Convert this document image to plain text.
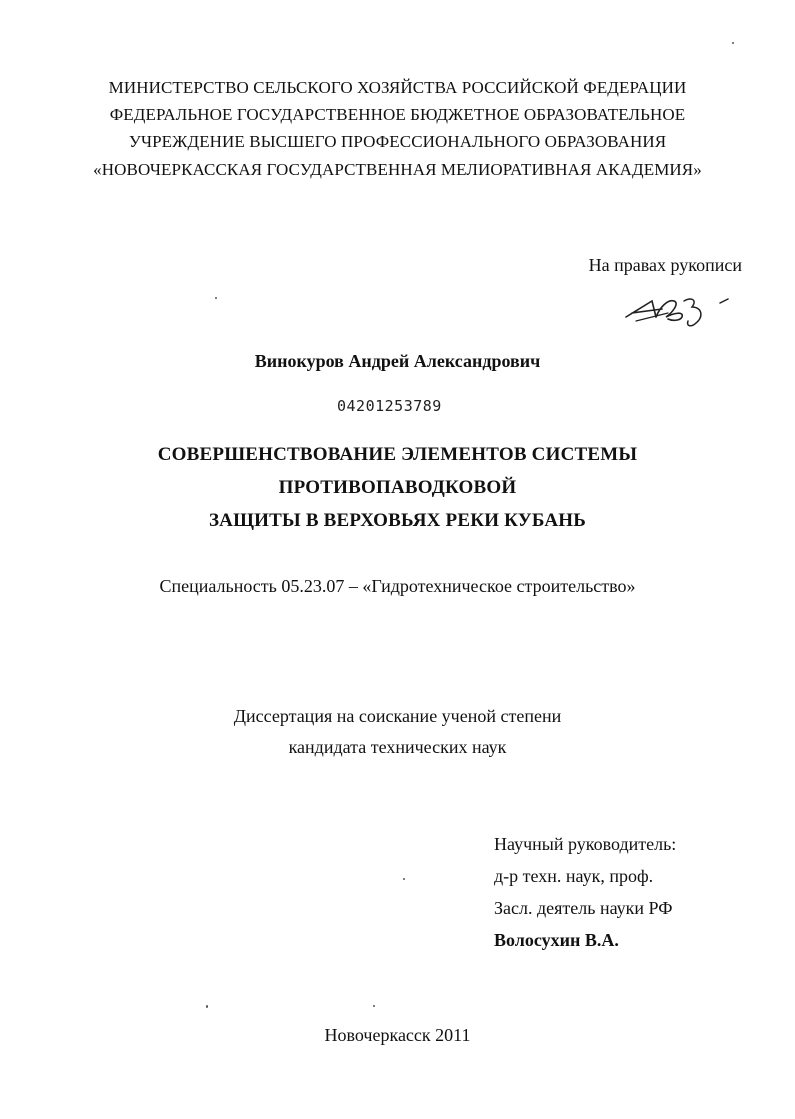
МИНИСТЕРСТВО СЕЛЬСКОГО ХОЗЯЙСТВА РОССИЙСКОЙ ФЕДЕРАЦИИ
ФЕДЕРАЛЬНОЕ ГОСУДАРСТВЕННОЕ БЮДЖЕТНОЕ ОБРАЗОВАТЕЛЬНОЕ
УЧРЕЖДЕНИЕ ВЫСШЕГО ПРОФЕССИОНАЛЬНОГО ОБРАЗОВАНИЯ
«НОВОЧЕРКАССКАЯ ГОСУДАРСТВЕННАЯ МЕЛИОРАТИВНАЯ АКАДЕМИЯ»
На правах рукописи
Винокуров Андрей Александрович
04201253789
СОВЕРШЕНСТВОВАНИЕ ЭЛЕМЕНТОВ СИСТЕМЫ
ПРОТИВОПАВОДКОВОЙ
ЗАЩИТЫ В ВЕРХОВЬЯХ РЕКИ КУБАНЬ
Специальность 05.23.07 – «Гидротехническое строительство»
Диссертация на соискание ученой степени
кандидата технических наук
Научный руководитель:
д-р техн. наук, проф.
Засл. деятель науки РФ
Волосухин В.А.
Новочеркасск 2011
